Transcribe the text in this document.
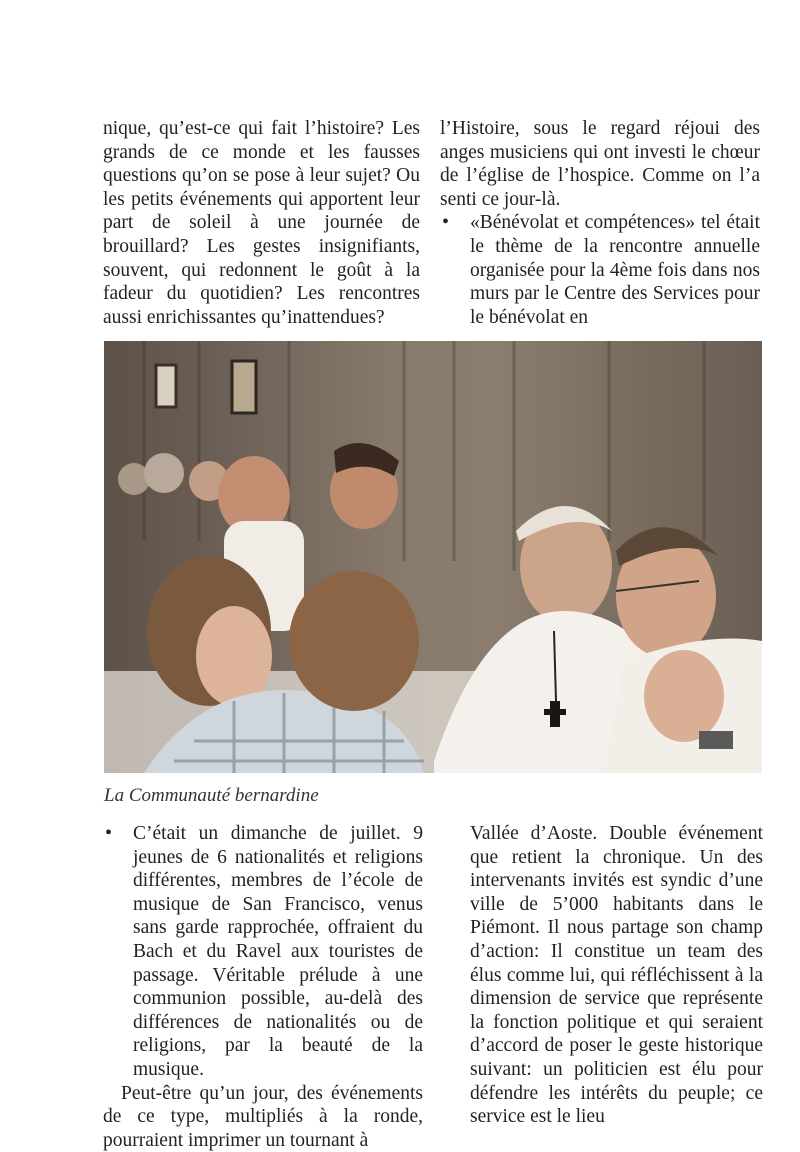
nique, qu’est-ce qui fait l’histoire? Les grands de ce monde et les fausses questions qu’on se pose à leur sujet? Ou les petits événements qui apportent leur part de soleil à une journée de brouillard? Les gestes insignifiants, souvent, qui redonnent le goût à la fadeur du quotidien? Les rencontres aussi enrichissantes qu’inattendues?

l’Histoire, sous le regard réjoui des anges musiciens qui ont investi le chœur de l’église de l’hospice. Comme on l’a senti ce jour-là.

• «Bénévolat et compétences» tel était le thème de la rencontre annuelle organisée pour la 4ème fois dans nos murs par le Centre des Services pour le bénévolat en

La Communauté bernardine

• C’était un dimanche de juillet. 9 jeunes de 6 nationalités et religions différentes, membres de l’école de musique de San Francisco, venus sans garde rapprochée, offraient du Bach et du Ravel aux touristes de passage. Véritable prélude à une communion possible, au-delà des différences de nationalités ou de religions, par la beauté de la musique.

Peut-être qu’un jour, des événements de ce type, multipliés à la ronde, pourraient imprimer un tournant à

Vallée d’Aoste. Double événement que retient la chronique. Un des intervenants invités est syndic d’une ville de 5’000 habitants dans le Piémont. Il nous partage son champ d’action: Il constitue un team des élus comme lui, qui réfléchissent à la dimension de service que représente la fonction politique et qui seraient d’accord de poser le geste historique suivant: un politicien est élu pour défendre les intérêts du peuple; ce service est le lieu
